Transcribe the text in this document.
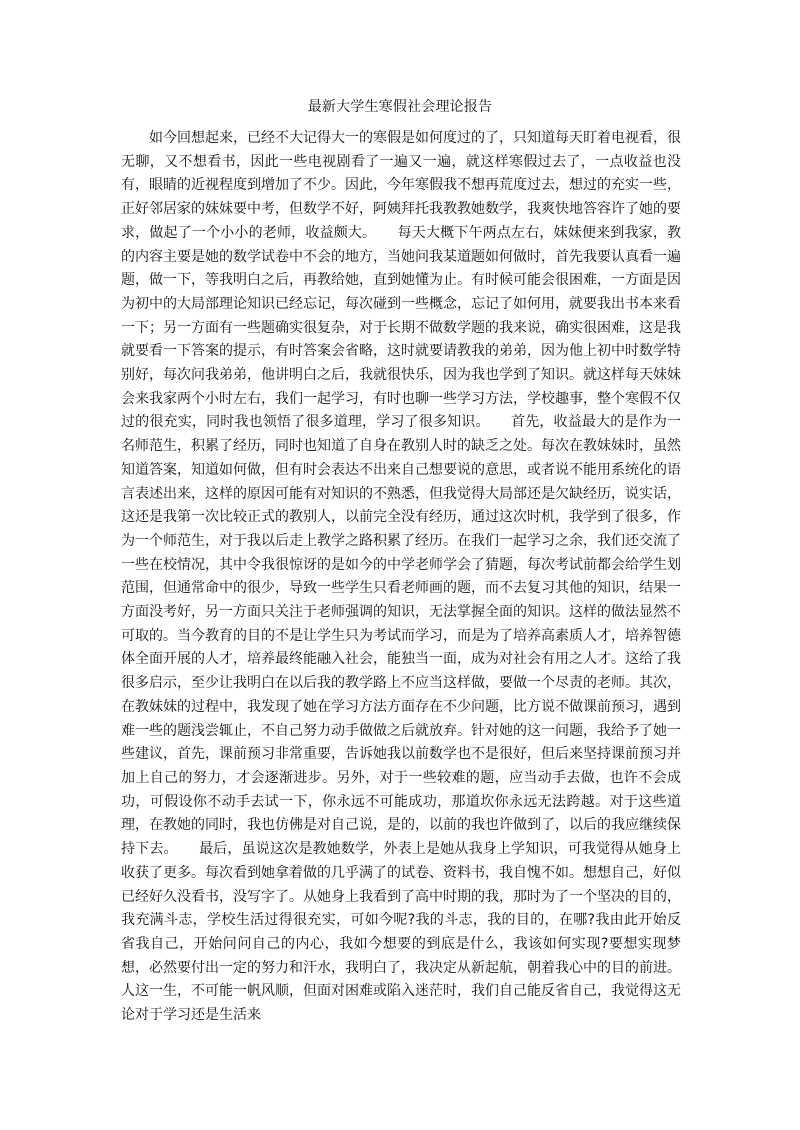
最新大学生寒假社会理论报告

如今回想起来，已经不大记得大一的寒假是如何度过的了，只知道每天盯着电视看，很无聊，又不想看书，因此一些电视剧看了一遍又一遍，就这样寒假过去了，一点收益也没有，眼睛的近视程度到增加了不少。因此，今年寒假我不想再荒度过去，想过的充实一些，正好邻居家的妹妹要中考，但数学不好，阿姨拜托我教教她数学，我爽快地答容许了她的要求，做起了一个小小的老师，收益颇大。　　每天大概下午两点左右，妹妹便来到我家，教的内容主要是她的数学试卷中不会的地方，当她问我某道题如何做时，首先我要认真看一遍题，做一下，等我明白之后，再教给她，直到她懂为止。有时候可能会很困难，一方面是因为初中的大局部理论知识已经忘记，每次碰到一些概念，忘记了如何用，就要我出书本来看一下；另一方面有一些题确实很复杂，对于长期不做数学题的我来说，确实很困难，这是我就要看一下答案的提示，有时答案会省略，这时就要请教我的弟弟，因为他上初中时数学特别好，每次问我弟弟，他讲明白之后，我就很快乐，因为我也学到了知识。就这样每天妹妹会来我家两个小时左右，我们一起学习，有时也聊一些学习方法，学校趣事，整个寒假不仅过的很充实，同时我也领悟了很多道理，学习了很多知识。　　首先，收益最大的是作为一名师范生，积累了经历，同时也知道了自身在教别人时的缺乏之处。每次在教妹妹时，虽然知道答案，知道如何做，但有时会表达不出来自己想要说的意思，或者说不能用系统化的语言表述出来，这样的原因可能有对知识的不熟悉，但我觉得大局部还是欠缺经历，说实话，这还是我第一次比较正式的教别人，以前完全没有经历，通过这次时机，我学到了很多，作为一个师范生，对于我以后走上教学之路积累了经历。在我们一起学习之余，我们还交流了一些在校情况，其中令我很惊讶的是如今的中学老师学会了猜题，每次考试前都会给学生划范围，但通常命中的很少，导致一些学生只看老师画的题，而不去复习其他的知识，结果一方面没考好，另一方面只关注于老师强调的知识，无法掌握全面的知识。这样的做法显然不可取的。当今教育的目的不是让学生只为考试而学习，而是为了培养高素质人才，培养智德体全面开展的人才，培养最终能融入社会，能独当一面，成为对社会有用之人才。这给了我很多启示，至少让我明白在以后我的教学路上不应当这样做，要做一个尽责的老师。其次，在教妹妹的过程中，我发现了她在学习方法方面存在不少问题，比方说不做课前预习，遇到难一些的题浅尝辄止，不自己努力动手做做之后就放弃。针对她的这一问题，我给予了她一些建议，首先，课前预习非常重要，告诉她我以前数学也不是很好，但后来坚持课前预习并加上自己的努力，才会逐渐进步。另外，对于一些较难的题，应当动手去做，也许不会成功，可假设你不动手去试一下，你永远不可能成功，那道坎你永远无法跨越。对于这些道理，在教她的同时，我也仿佛是对自己说，是的，以前的我也许做到了，以后的我应继续保持下去。　　最后，虽说这次是教她数学，外表上是她从我身上学知识，可我觉得从她身上收获了更多。每次看到她拿着做的几乎满了的试卷、资料书，我自愧不如。想想自己，好似已经好久没看书，没写字了。从她身上我看到了高中时期的我，那时为了一个坚决的目的，我充满斗志，学校生活过得很充实，可如今呢?我的斗志，我的目的，在哪?我由此开始反省我自己，开始问问自己的内心，我如今想要的到底是什么，我该如何实现?要想实现梦想，必然要付出一定的努力和汗水，我明白了，我决定从新起航，朝着我心中的目的前进。人这一生，不可能一帆风顺，但面对困难或陷入迷茫时，我们自己能反省自己，我觉得这无论对于学习还是生活来
